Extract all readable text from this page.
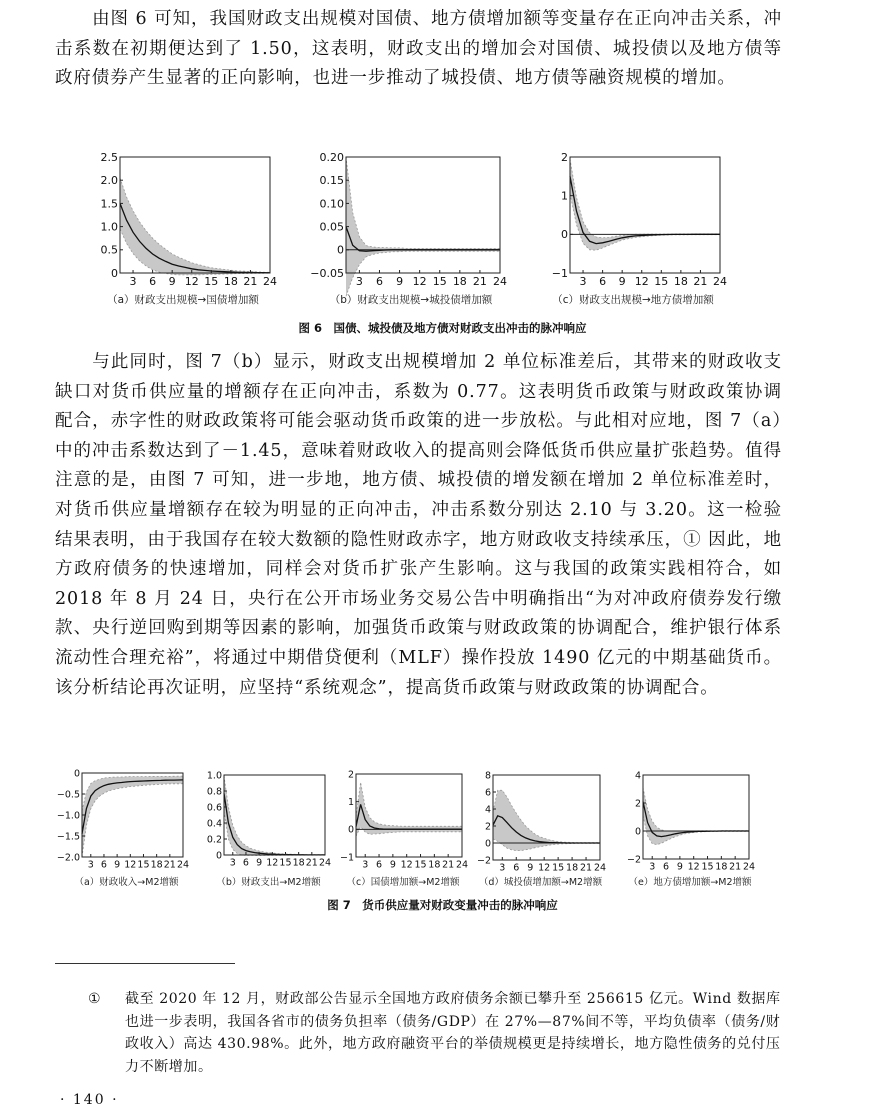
由图 6 可知，我国财政支出规模对国债、地方债增加额等变量存在正向冲击关系，冲击系数在初期便达到了 1.50，这表明，财政支出的增加会对国债、城投债以及地方债等政府债券产生显著的正向影响，也进一步推动了城投债、地方债等融资规模的增加。

0
0.5
1.0
1.5
2.0
2.5
3 6 9 12 15 18 21 24
（a）财政支出规模→国债增加额
−0.05
0
0.05
0.10
0.15
0.20
3 6 9 12 15 18 21 24
（b）财政支出规模→城投债增加额
−1
0
1
2
3 6 9 12 15 18 21 24
（c）财政支出规模→地方债增加额
图 6　国债、城投债及地方债对财政支出冲击的脉冲响应

与此同时，图 7（b）显示，财政支出规模增加 2 单位标准差后，其带来的财政收支缺口对货币供应量的增额存在正向冲击，系数为 0.77。这表明货币政策与财政政策协调配合，赤字性的财政政策将可能会驱动货币政策的进一步放松。与此相对应地，图 7（a）中的冲击系数达到了－1.45，意味着财政收入的提高则会降低货币供应量扩张趋势。值得注意的是，由图 7 可知，进一步地，地方债、城投债的增发额在增加 2 单位标准差时，对货币供应量增额存在较为明显的正向冲击，冲击系数分别达 2.10 与 3.20。这一检验结果表明，由于我国存在较大数额的隐性财政赤字，地方财政收支持续承压，① 因此，地方政府债务的快速增加，同样会对货币扩张产生影响。这与我国的政策实践相符合，如 2018 年 8 月 24 日，央行在公开市场业务交易公告中明确指出“为对冲政府债券发行缴款、央行逆回购到期等因素的影响，加强货币政策与财政政策的协调配合，维护银行体系流动性合理充裕”，将通过中期借贷便利（MLF）操作投放 1490 亿元的中期基础货币。该分析结论再次证明，应坚持“系统观念”，提高货币政策与财政政策的协调配合。

−2.0
−1.5
−1.0
−0.5
0
3 6 9 12 15 18 21 24
（a）财政收入→M2增额
0
0.2
0.4
0.6
0.8
1.0
3 6 9 12 15 18 21 24
（b）财政支出→M2增额
−1
0
1
2
3 6 9 12 15 18 21 24
（c）国债增加额→M2增额
−2
0
2
4
6
8
3 6 9 12 15 18 21 24
（d）城投债增加额→M2增额
−2
0
2
4
3 6 9 12 15 18 21 24
（e）地方债增加额→M2增额
图 7　货币供应量对财政变量冲击的脉冲响应
①	截至 2020 年 12 月，财政部公告显示全国地方政府债务余额已攀升至 256615 亿元。Wind 数据库也进一步表明，我国各省市的债务负担率（债务/GDP）在 27%—87%间不等，平均负债率（债务/财政收入）高达 430.98%。此外，地方政府融资平台的举债规模更是持续增长，地方隐性债务的兑付压力不断增加。
· 140 ·
